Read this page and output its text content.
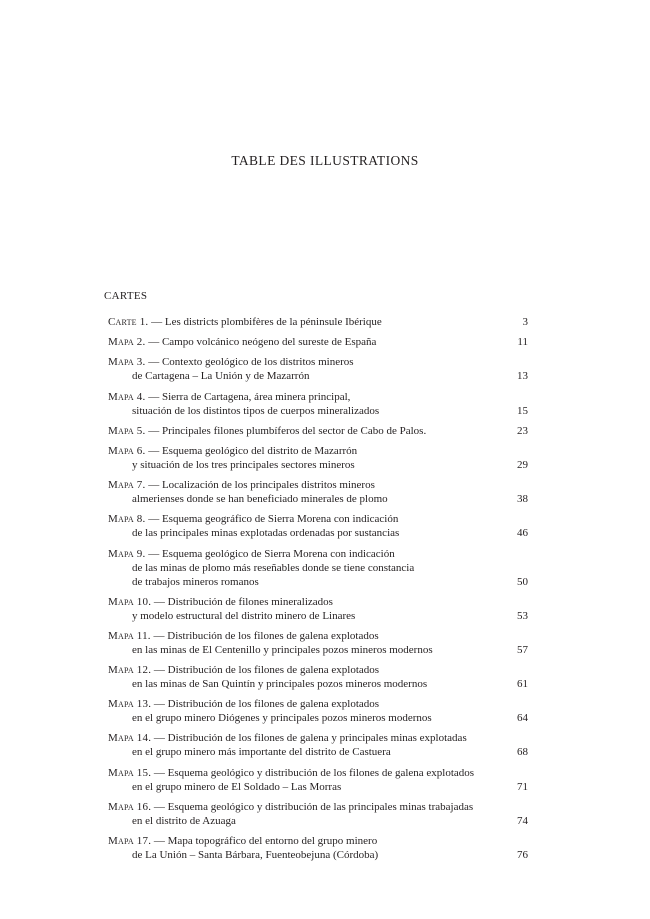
TABLE DES ILLUSTRATIONS
CARTES
Carte 1. — Les districts plombifères de la péninsule Ibérique	3
Mapa 2. — Campo volcánico neógeno del sureste de España	11
Mapa 3. — Contexto geológico de los distritos mineros
de Cartagena – La Unión y de Mazarrón	13
Mapa 4. — Sierra de Cartagena, área minera principal,
situación de los distintos tipos de cuerpos mineralizados	15
Mapa 5. — Principales filones plumbíferos del sector de Cabo de Palos.	23
Mapa 6. — Esquema geológico del distrito de Mazarrón
y situación de los tres principales sectores mineros	29
Mapa 7. — Localización de los principales distritos mineros
almerienses donde se han beneficiado minerales de plomo	38
Mapa 8. — Esquema geográfico de Sierra Morena con indicación
de las principales minas explotadas ordenadas por sustancias	46
Mapa 9. — Esquema geológico de Sierra Morena con indicación
de las minas de plomo más reseñables donde se tiene constancia
de trabajos mineros romanos	50
Mapa 10. — Distribución de filones mineralizados
y modelo estructural del distrito minero de Linares	53
Mapa 11. — Distribución de los filones de galena explotados
en las minas de El Centenillo y principales pozos mineros modernos	57
Mapa 12. — Distribución de los filones de galena explotados
en las minas de San Quintín y principales pozos mineros modernos	61
Mapa 13. — Distribución de los filones de galena explotados
en el grupo minero Diógenes y principales pozos mineros modernos	64
Mapa 14. — Distribución de los filones de galena y principales minas explotadas
en el grupo minero más importante del distrito de Castuera	68
Mapa 15. — Esquema geológico y distribución de los filones de galena explotados
en el grupo minero de El Soldado – Las Morras	71
Mapa 16. — Esquema geológico y distribución de las principales minas trabajadas
en el distrito de Azuaga	74
Mapa 17. — Mapa topográfico del entorno del grupo minero
de La Unión – Santa Bárbara, Fuenteobejuna (Córdoba)	76
